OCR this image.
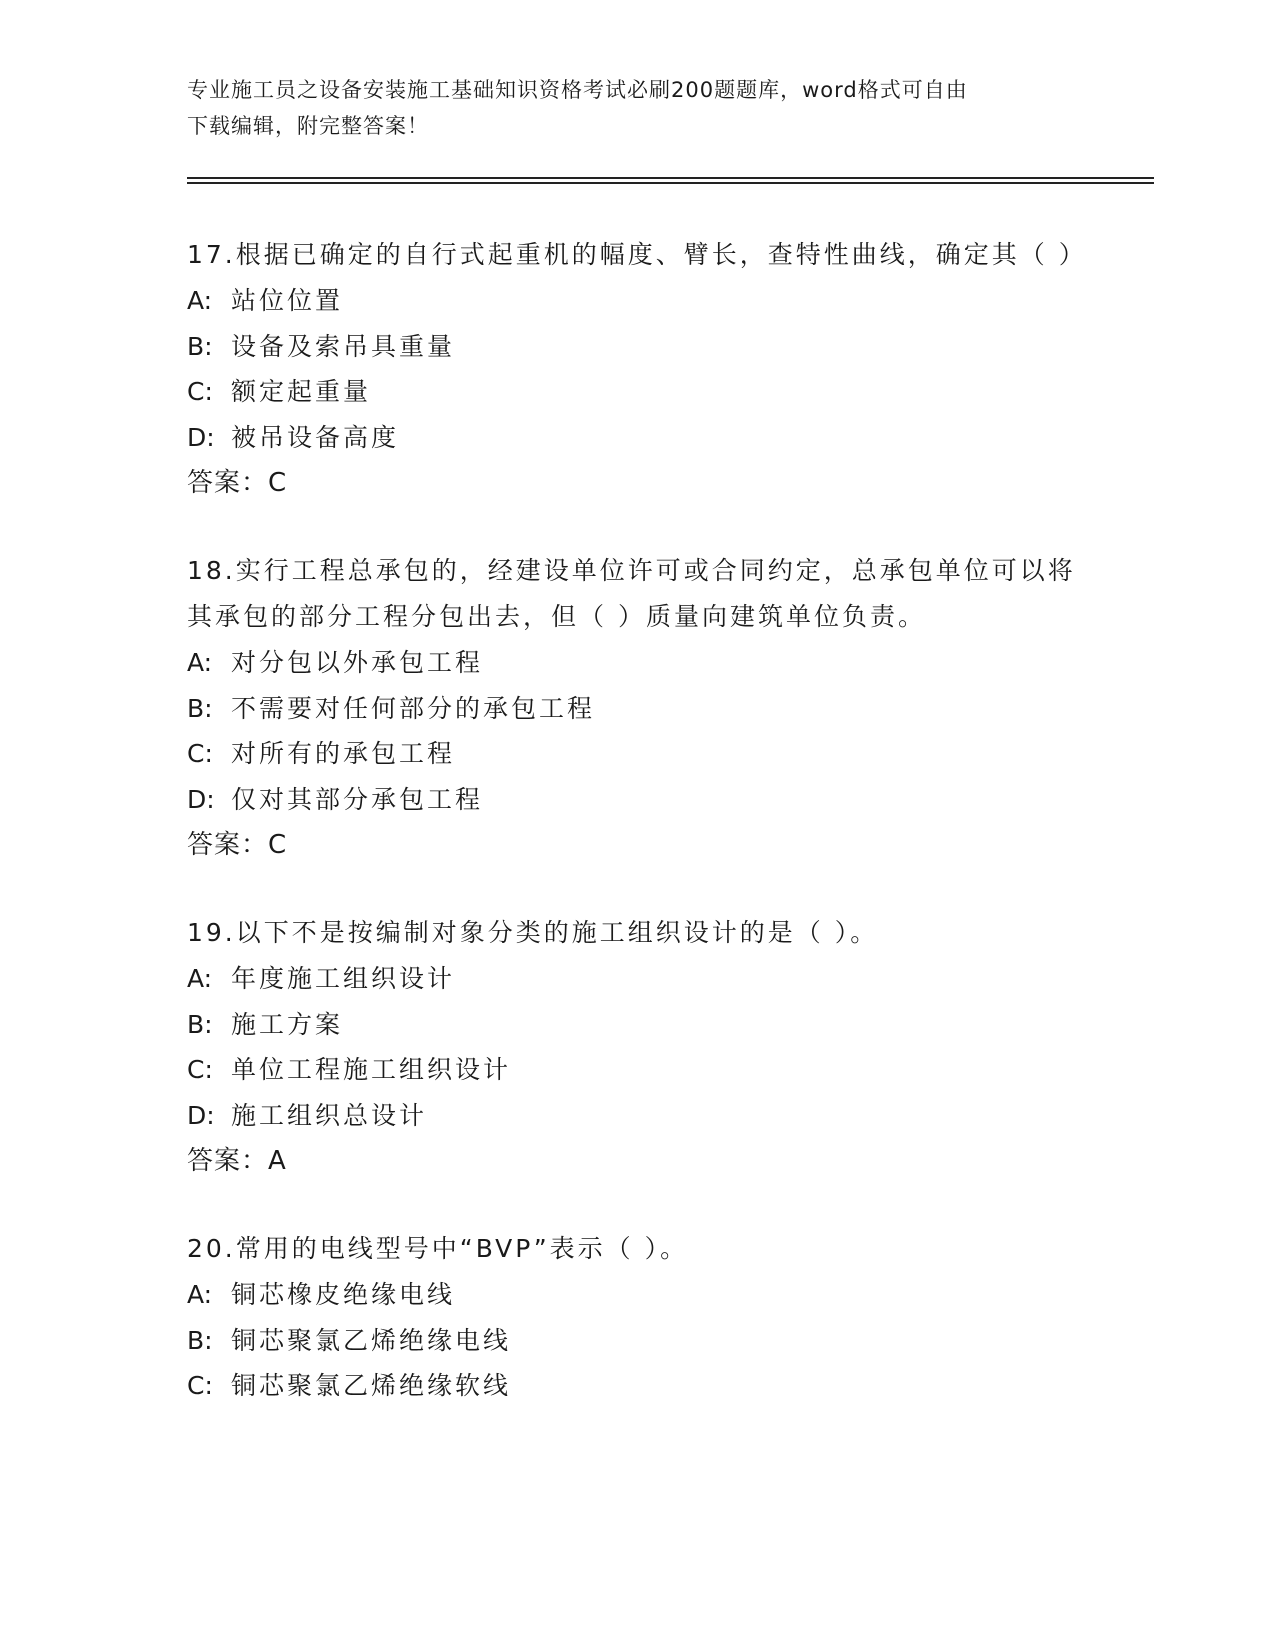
专业施工员之设备安装施工基础知识资格考试必刷200题题库，word格式可自由
下载编辑，附完整答案！
17.根据已确定的自行式起重机的幅度、臂长，查特性曲线，确定其（ ）
A: 站位位置
B: 设备及索吊具重量
C: 额定起重量
D: 被吊设备高度
答案：C
18.实行工程总承包的，经建设单位许可或合同约定，总承包单位可以将其承包的部分工程分包出去，但（ ）质量向建筑单位负责。
A: 对分包以外承包工程
B: 不需要对任何部分的承包工程
C: 对所有的承包工程
D: 仅对其部分承包工程
答案：C
19.以下不是按编制对象分类的施工组织设计的是（ ）。
A: 年度施工组织设计
B: 施工方案
C: 单位工程施工组织设计
D: 施工组织总设计
答案：A
20.常用的电线型号中“BVP”表示（ ）。
A: 铜芯橡皮绝缘电线
B: 铜芯聚氯乙烯绝缘电线
C: 铜芯聚氯乙烯绝缘软线
